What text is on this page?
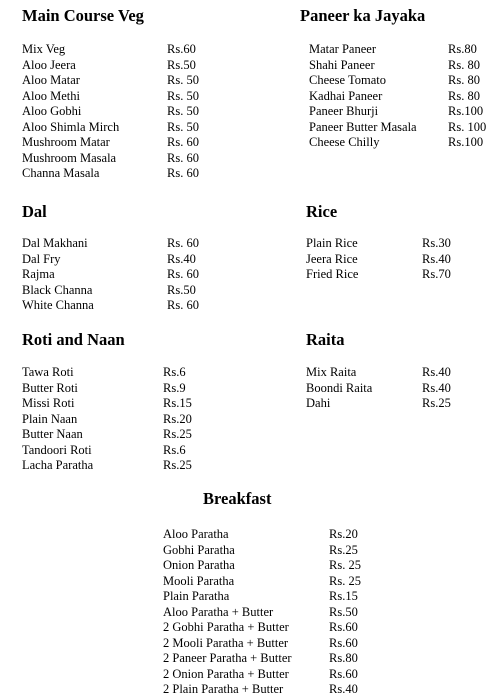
Main Course Veg
Mix Veg	Rs.60
Aloo Jeera	Rs.50
Aloo Matar	Rs. 50
Aloo Methi	Rs. 50
Aloo Gobhi	Rs. 50
Aloo Shimla Mirch	Rs. 50
Mushroom Matar	Rs. 60
Mushroom Masala	Rs. 60
Channa Masala	Rs. 60
Paneer ka Jayaka
Matar Paneer	Rs.80
Shahi Paneer	Rs. 80
Cheese Tomato	Rs. 80
Kadhai Paneer	Rs. 80
Paneer Bhurji	Rs.100
Paneer Butter Masala	Rs. 100
Cheese Chilly	Rs.100
Dal
Dal Makhani	Rs. 60
Dal Fry	Rs.40
Rajma	Rs. 60
Black Channa	Rs.50
White Channa	Rs. 60
Rice
Plain Rice	Rs.30
Jeera Rice	Rs.40
Fried Rice	Rs.70
Roti and Naan
Tawa Roti	Rs.6
Butter Roti	Rs.9
Missi Roti	Rs.15
Plain Naan	Rs.20
Butter Naan	Rs.25
Tandoori Roti	Rs.6
Lacha Paratha	Rs.25
Raita
Mix Raita	Rs.40
Boondi Raita	Rs.40
Dahi	Rs.25
Breakfast
Aloo Paratha	Rs.20
Gobhi Paratha	Rs.25
Onion Paratha	Rs. 25
Mooli Paratha	Rs. 25
Plain Paratha	Rs.15
Aloo Paratha + Butter	Rs.50
2 Gobhi Paratha + Butter	Rs.60
2 Mooli Paratha + Butter	Rs.60
2 Paneer Paratha + Butter	Rs.80
2 Onion Paratha + Butter	Rs.60
2 Plain Paratha + Butter	Rs.40
